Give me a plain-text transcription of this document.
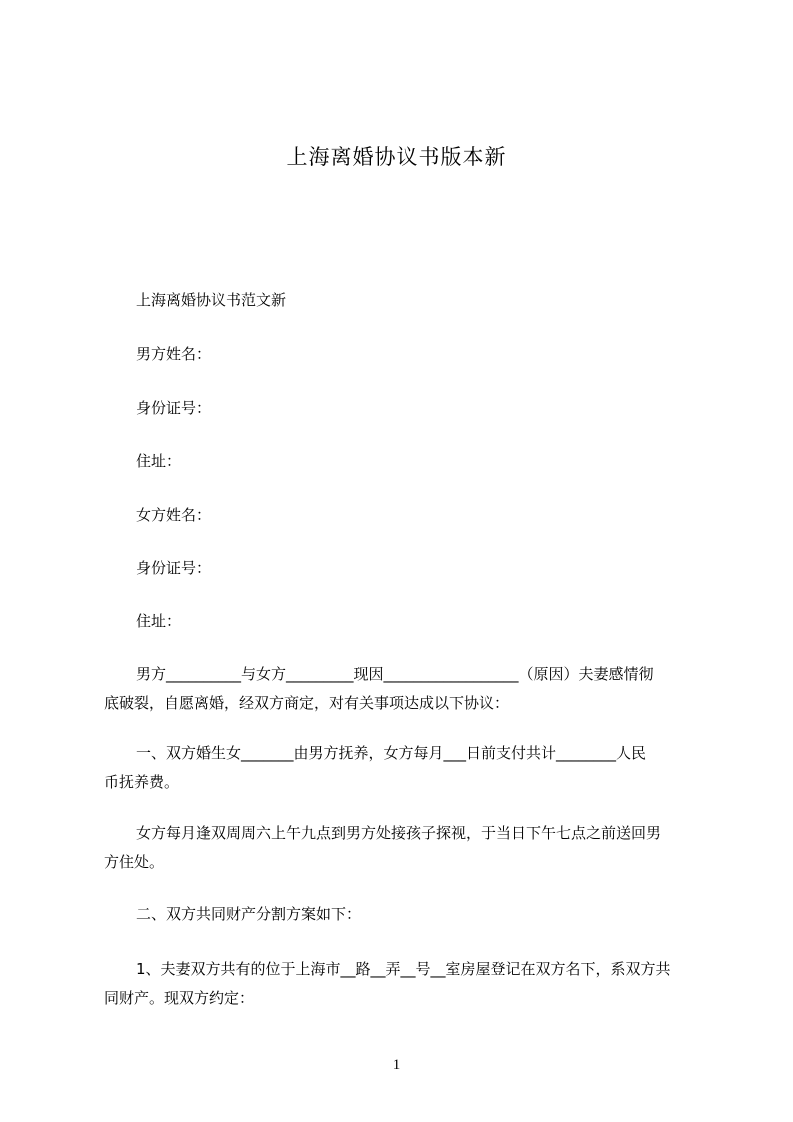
上海离婚协议书版本新
上海离婚协议书范文新
男方姓名：
身份证号：
住址：
女方姓名：
身份证号：
住址：
男方__________与女方_________现因__________________（原因）夫妻感情彻
底破裂，自愿离婚，经双方商定，对有关事项达成以下协议：
一、双方婚生女_______由男方抚养，女方每月___日前支付共计________人民
币抚养费。
女方每月逢双周周六上午九点到男方处接孩子探视，于当日下午七点之前送回男
方住处。
二、双方共同财产分割方案如下：
1、夫妻双方共有的位于上海市__路__弄__号__室房屋登记在双方名下，系双方共
同财产。现双方约定：
1
